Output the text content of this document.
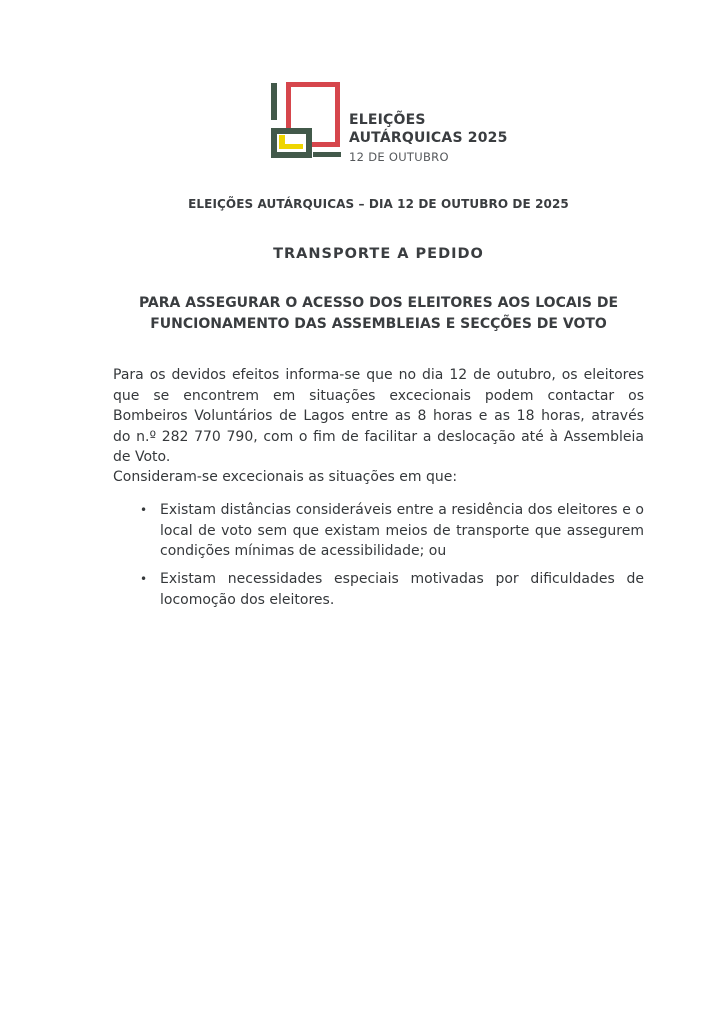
ELEIÇÕES
AUTÁRQUICAS 2025
12 DE OUTUBRO
ELEIÇÕES AUTÁRQUICAS – DIA 12 DE OUTUBRO DE 2025
TRANSPORTE A PEDIDO
PARA ASSEGURAR O ACESSO DOS ELEITORES AOS LOCAIS DE
FUNCIONAMENTO DAS ASSEMBLEIAS E SECÇÕES DE VOTO
Para os devidos efeitos informa-se que no dia 12 de outubro, os eleitores
que se encontrem em situações excecionais podem contactar os
Bombeiros Voluntários de Lagos entre as 8 horas e as 18 horas, através
do n.º 282 770 790, com o fim de facilitar a deslocação até à Assembleia
de Voto.
Consideram-se excecionais as situações em que:
• Existam distâncias consideráveis entre a residência dos eleitores e o
local de voto sem que existam meios de transporte que assegurem
condições mínimas de acessibilidade; ou
• Existam necessidades especiais motivadas por dificuldades de
locomoção dos eleitores.
